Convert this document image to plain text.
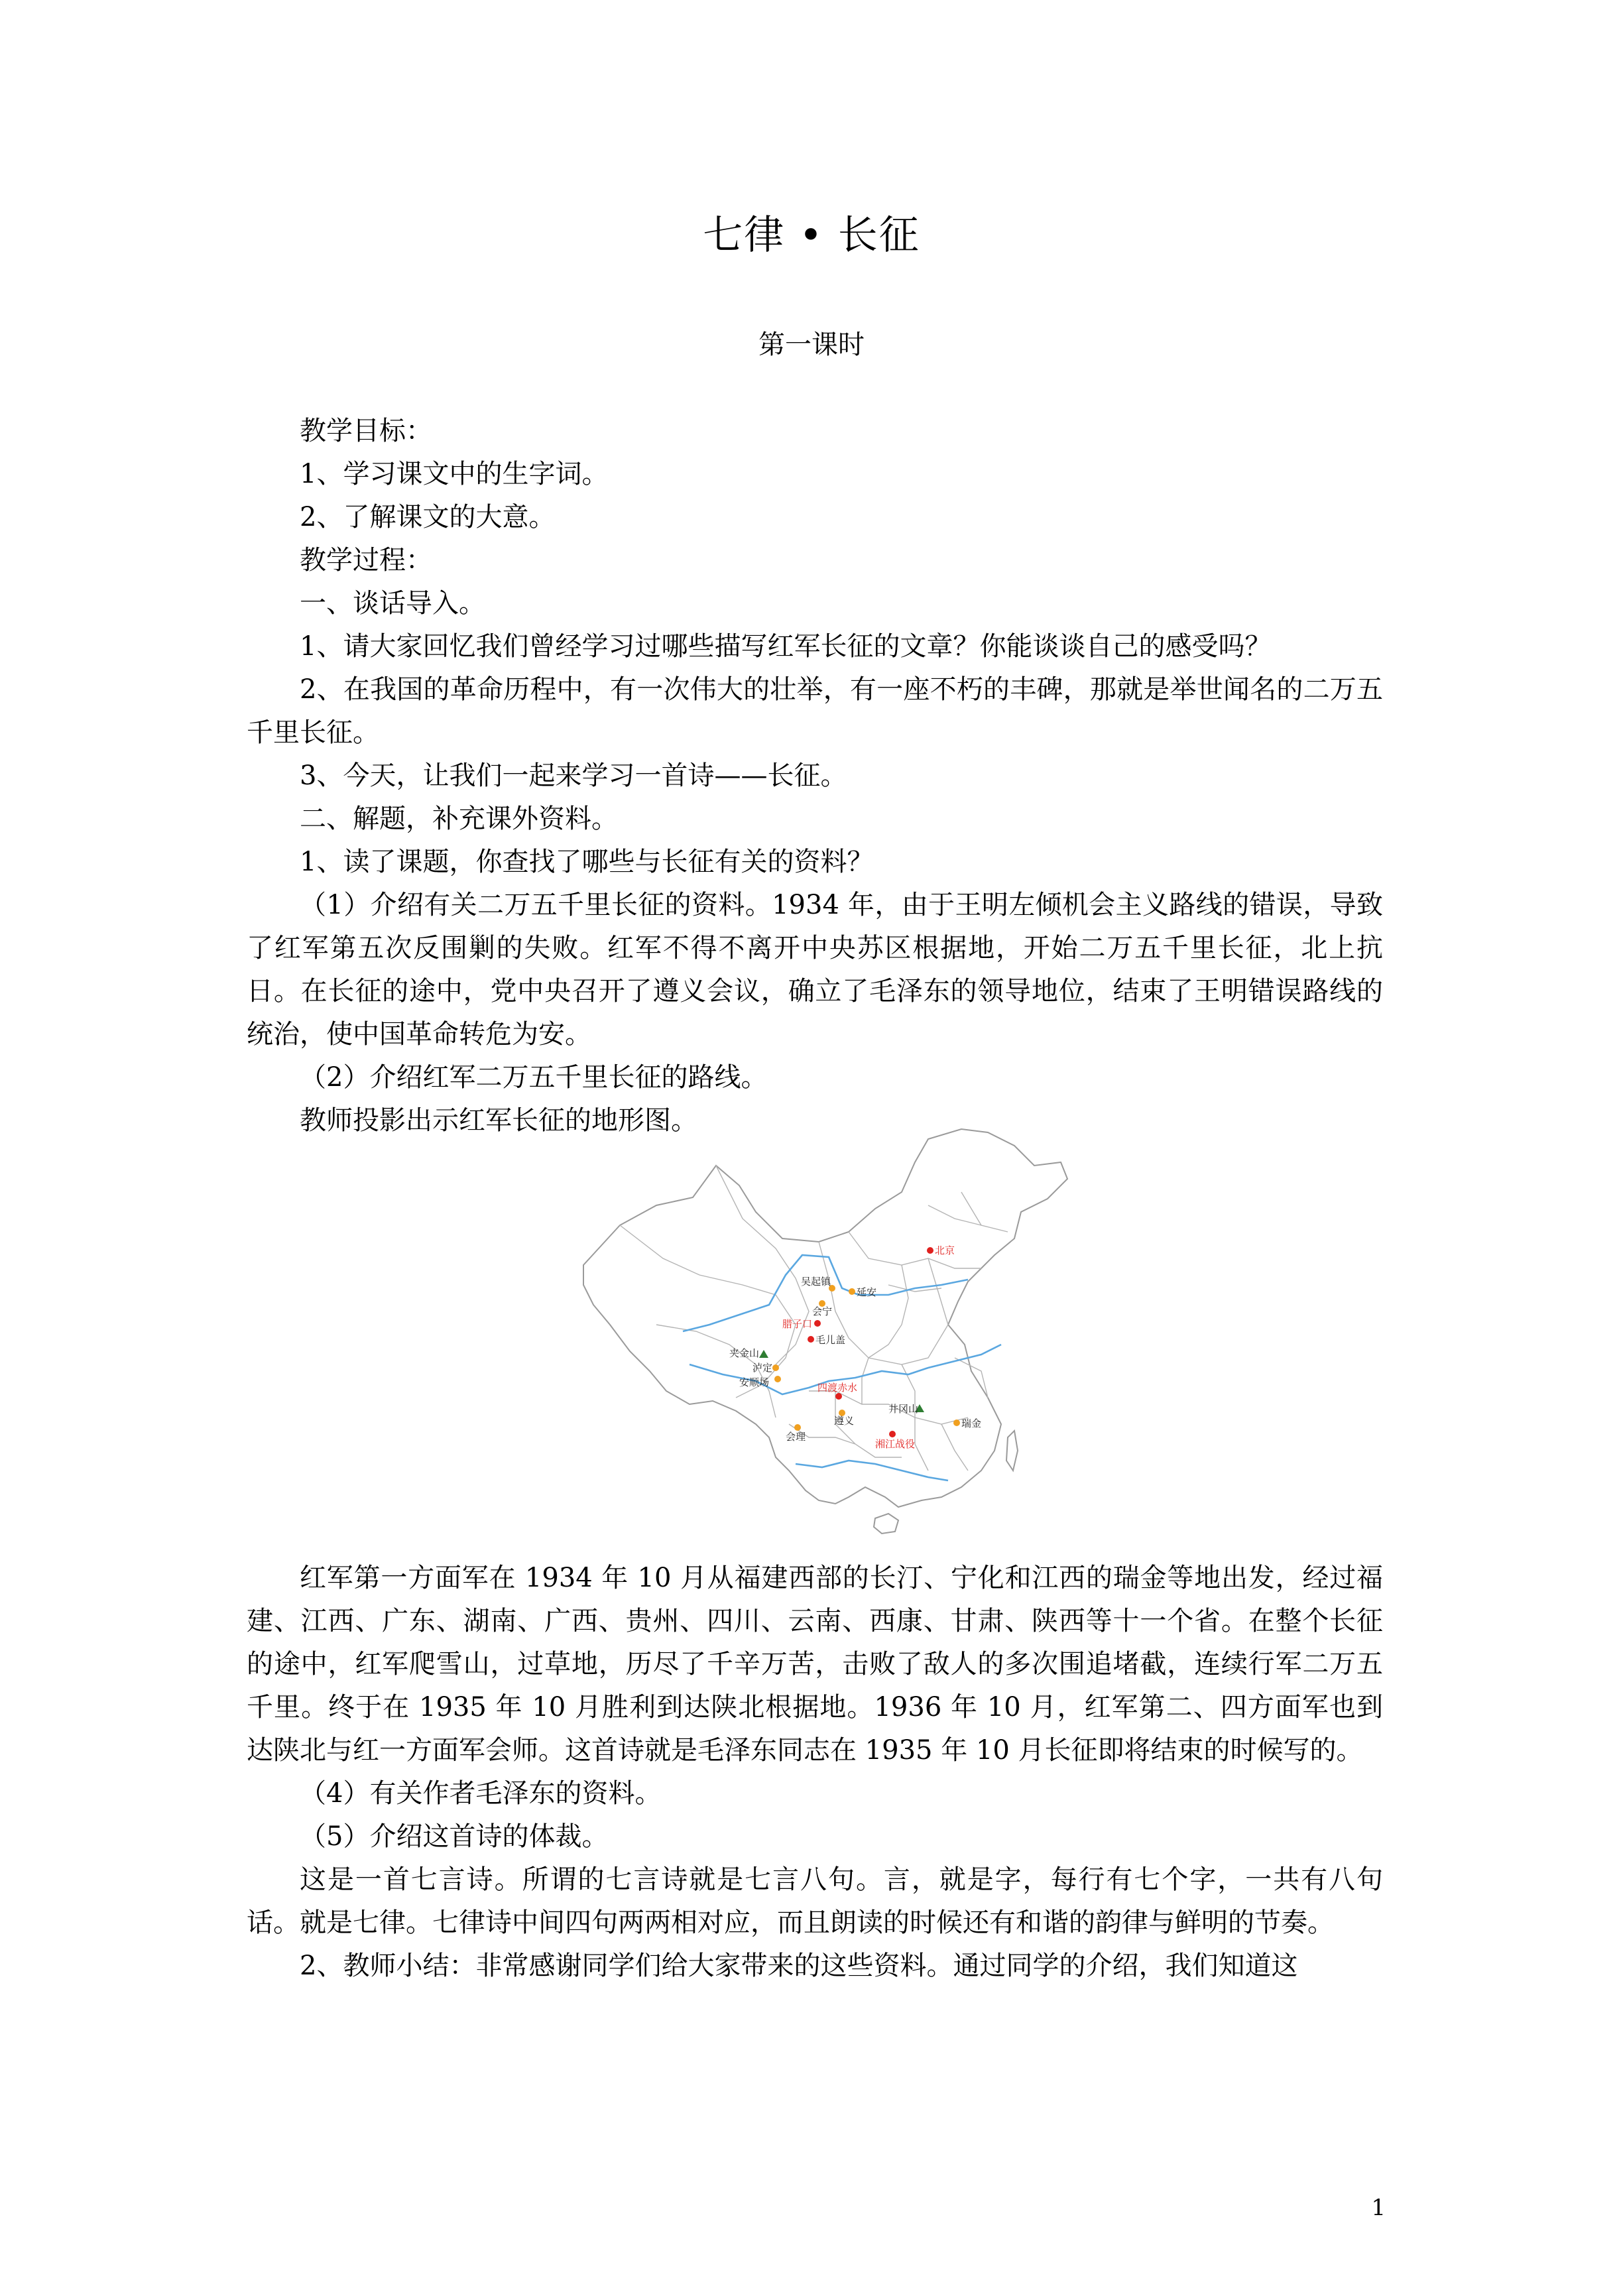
七律 • 长征
第一课时

教学目标：

1、学习课文中的生字词。

2、了解课文的大意。

教学过程：

一、谈话导入。

1、请大家回忆我们曾经学习过哪些描写红军长征的文章？你能谈谈自己的感受吗？

2、在我国的革命历程中，有一次伟大的壮举，有一座不朽的丰碑，那就是举世闻名的二万五千里长征。

3、今天，让我们一起来学习一首诗——长征。

二、解题，补充课外资料。

1、读了课题，你查找了哪些与长征有关的资料？

（1）介绍有关二万五千里长征的资料。1934 年，由于王明左倾机会主义路线的错误，导致了红军第五次反围剿的失败。红军不得不离开中央苏区根据地，开始二万五千里长征，北上抗日。在长征的途中，党中央召开了遵义会议，确立了毛泽东的领导地位，结束了王明错误路线的统治，使中国革命转危为安。

（2）介绍红军二万五千里长征的路线。

教师投影出示红军长征的地形图。

北京
吴起镇
延安
会宁
腊子口
毛儿盖
夹金山
泸定
安顺场	四渡赤水
遵义
井冈山
瑞金
会理
湘江战役

红军第一方面军在 1934 年 10 月从福建西部的长汀、宁化和江西的瑞金等地出发，经过福建、江西、广东、湖南、广西、贵州、四川、云南、西康、甘肃、陕西等十一个省。在整个长征的途中，红军爬雪山，过草地，历尽了千辛万苦，击败了敌人的多次围追堵截，连续行军二万五千里。终于在 1935 年 10 月胜利到达陕北根据地。1936 年 10 月，红军第二、四方面军也到达陕北与红一方面军会师。这首诗就是毛泽东同志在 1935 年 10 月长征即将结束的时候写的。

（4）有关作者毛泽东的资料。

（5）介绍这首诗的体裁。

这是一首七言诗。所谓的七言诗就是七言八句。言，就是字，每行有七个字，一共有八句话。就是七律。七律诗中间四句两两相对应，而且朗读的时候还有和谐的韵律与鲜明的节奏。

2、教师小结：非常感谢同学们给大家带来的这些资料。通过同学的介绍，我们知道这

1
